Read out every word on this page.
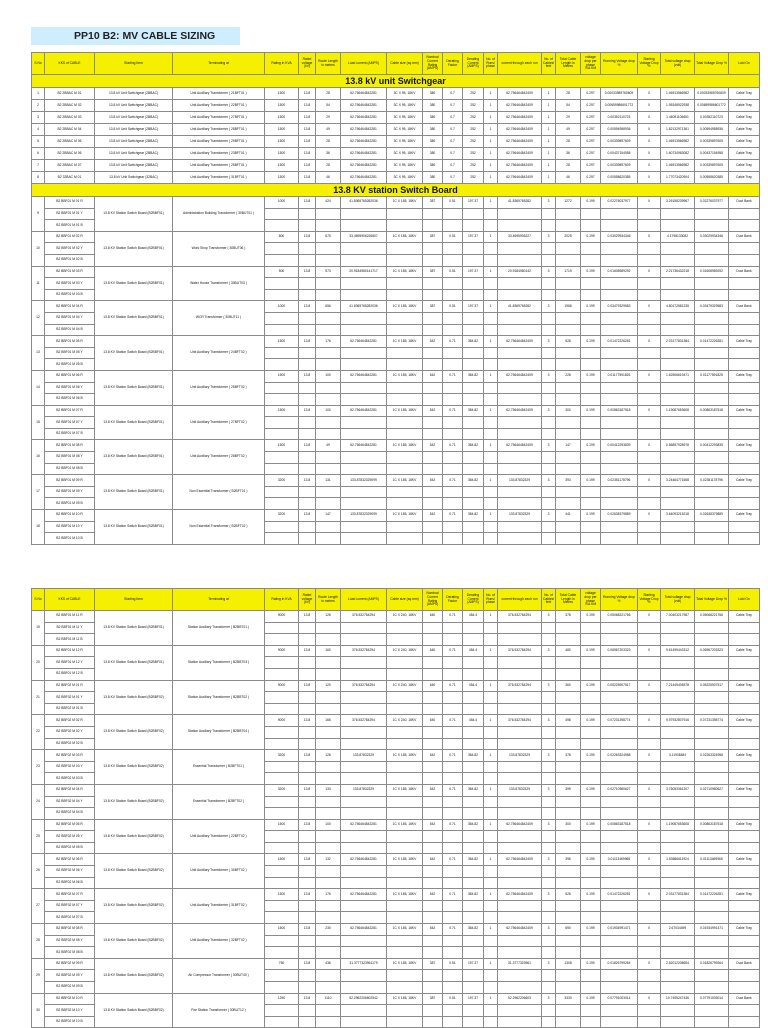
PP10 B2: MV CABLE SIZING
S.No	KKS of CABLE	Starting Item	Terminating at	Rating in KVA	Rated voltage (kV)	Route Length in metres	Load current (AMPS)	Cable size (sq.mm)	Nominal Current Rating (AMPS)	Derating Factor	Derating Current (AMPS)	No. of Runs/ phase	current through each run	No. of Cables/ feet	Total Cable Length in Metres	voltage drop per phase V/A.KM	Running Voltage drop %	Starting Voltage Drop %	Total voltage drop (volt)	Total Voltage Drop %	Laid On
13.8 kV unit Switchgear																					
1	B2 2BBAC M 01	13.8 kV Unit Switchgear (2BBAC)	Unit Auxiliary Transformer ( 21BFT01 )	1500	13.8	28	62.756464842281	3C X 95, 18KV	380	0.7	252	1	62.756464842409	1	28	0.297	0.00033989760609	0	1.46913566982	0.00033989760609	Cable Tray
2	B2 2BBAC M 02	13.8 kV Unit Switchgear (2BBAC)	Unit Auxiliary Transformer ( 22BFT01 )	1500	13.8	54	62.756464842281	3C X 95, 18KV	380	0.7	252	1	62.756464842409	1	54	0.297	0.00659986601772	0	1.95348922938	0.00659986601772	Cable Tray
3	B2 2BBAC M 03	13.8 kV Unit Switchgear (2BBAC)	Unit Auxiliary Transformer ( 27BFT01 )	1500	13.8	29	62.756464842281	3C X 95, 18KV	380	0.7	252	1	62.756464842409	1	29	0.297	0.00352110723	0	1.46091106651	0.00352110723	Cable Tray
4	B2 2BBAC M 04	13.8 kV Unit Switchgear (2BBAC)	Unit Auxiliary Transformer ( 28BFT01 )	1500	13.8	49	62.756464842281	3C X 95, 18KV	380	0.7	252	1	62.756464842409	1	49	0.297	0.00594958936	0	1.82132971361	0.00594958936	Cable Tray
5	B2 2BBAC M 05	13.8 kV Unit Switchgear (2BBAC)	Unit Auxiliary Transformer ( 29BFT01 )	1500	13.8	28	62.756464842281	3C X 95, 18KV	380	0.7	252	1	62.756464842409	1	28	0.297	0.00339897609	0	1.46913566982	0.00339897609	Cable Tray
6	B2 2BBAC M 06	13.8 kV Unit Switchgear (2BBAC)	Unit Auxiliary Transformer ( 23BFT01 )	1500	13.8	36	62.756464842281	3C X 95, 18KV	380	0.7	252	1	62.756464842409	1	36	0.297	0.00437154958	0	1.60734963082	0.00437154958	Cable Tray
7	B2 2BBAC M 07	13.8 kV Unit Switchgear (2BBAC)	Unit Auxiliary Transformer ( 25BFT01 )	1500	13.8	28	62.756464842281	3C X 95, 18KV	380	0.7	252	1	62.756464842409	1	28	0.297	0.00339897609	0	1.46913566982	0.00339897609	Cable Tray
8	B2 32BAC M 01	13.8 kV Unit Switchgear (32BAC)	Unit Auxiliary Transformer ( 31BFT01 )	1500	13.8	46	62.756464842281	3C X 95, 18KV	380	0.7	252	1	62.756464842409	1	46	0.297	0.00558620385	0	1.77073420904	0.00558620385	Cable Tray
13.8 KV station Switch Board																					
9	B2 BBF01 M 01 R	13.8 KV Station Switch Board (B2BBF01)	Administration Building Transformer ( 30BUT01 )	1000	13.8	424	41.8369765282036	1C X 185, 18KV	387	0.51	197.37	1	41.8369765282	3	1272	0.199	0.02276037977	0	3.26158239967	0.02276037977	Duct Bank
	B2 BBF01 M 01 Y																				
	B2 BBF01 M 01 B																				
10	B2 BBF01 M 02 R	13.8 KV Station Switch Board (B2BBF01)	Work Shop Transformer ( 30BUT06 )	800	13.8	675	33.4695906226807	1C X 185, 18KV	387	0.51	197.37	1	33.4695906227	3	2025	0.199	0.03029934346	0	4.1798133082	0.03029934346	Duct Bank
	B2 BBF01 M 02 Y																				
	B2 BBF01 M 02 B																				
11	B2 BBF01 M 03 R	13.8 KV Station Switch Board (B2BBF01)	Water House Transformer ( 30BUT03 )	500	13.8	573	20.9184980141717	1C X 185, 18KV	387	0.51	197.37	1	20.9184980142	3	1719	0.199	0.01608989292	0	2.21736432218	0.01608989292	Duct Bank
	B2 BBF01 M 03 Y																				
	B2 BBF01 M 03 B																				
12	B2 BBF01 M 04 R	13.8 KV Station Switch Board (B2BBF01)	WCR Transformer ( 30BUT11 )	1000	13.8	656	41.8369765282036	1C X 185, 18KV	387	0.51	197.37	1	41.8369765282	3	1968	0.199	0.03479329583	0	4.80172581235	0.03479329583	Duct Bank
	B2 BBF01 M 04 Y																				
	B2 BBF01 M 04 B																				
13	B2 BBF01 M 05 R	13.8 KV Station Switch Board (B2BBF01)	Unit Auxiliary Transformer ( 24BFT02 )	1500	13.8	176	62.756464842281	1C X 185, 18KV	542	0.71	384.82	1	62.756464842409	3	528	0.199	0.01472226281	0	2.03177831384	0.01472226281	Cable Tray
	B2 BBF01 M 05 Y																				
	B2 BBF01 M 05 B																				
14	B2 BBF01 M 06 R	13.8 KV Station Switch Board (B2BBF01)	Unit Auxiliary Transformer ( 25BFT02 )	1500	13.8	100	62.756464842281	1C X 185, 18KV	542	0.71	384.82	1	62.756464842409	3	228	0.199	0.01177591825	0	1.62506619471	0.01177591825	Cable Tray
	B2 BBF01 M 06 Y																				
	B2 BBF01 M 06 B																				
15	B2 BBF01 M 07 R	13.8 KV Station Switch Board (B2BBF01)	Unit Auxiliary Transformer ( 27BFT02 )	1500	13.8	100	62.756464842281	1C X 185, 18KV	542	0.71	384.82	1	62.756464842409	3	300	0.199	0.00863187518	0	1.19087653608	0.00863187518	Cable Tray
	B2 BBF01 M 07 Y																				
	B2 BBF01 M 07 B																				
16	B2 BBF01 M 08 R	13.8 KV Station Switch Board (B2BBF01)	Unit Auxiliary Transformer ( 28BFT02 )	1500	13.8	49	62.756464842281	1C X 185, 18KV	542	0.71	384.82	1	62.756464842409	3	147	0.199	0.00412293839	0	0.56897928978	0.00412293839	Cable Tray
	B2 BBF01 M 08 Y																				
	B2 BBF01 M 08 B																				
17	B2 BBF01 M 09 R	13.8 KV Station Switch Board (B2BBF01)	Non Essential Transformer ( B2BFT01 )	3200	13.8	131	133.87832329099	1C X 185, 18KV	542	0.71	384.82	1	133.87832329	3	393	0.199	0.02351178796	0	3.24464771658	0.02351178796	Cable Tray
	B2 BBF01 M 09 Y																				
	B2 BBF01 M 09 B																				
18	B2 BBF01 M 10 R	13.8 KV Station Switch Board (B2BBF01)	Non Essential Transformer ( B2BFT02 )	3200	13.8	147	133.87832329099	1C X 185, 18KV	542	0.71	384.82	1	133.87832329	3	441	0.199	0.02638379889	0	3.64093215218	0.02638379889	Cable Tray
	B2 BBF01 M 10 Y																				
	B2 BBF01 M 10 B																				
S.No	KKS of CABLE	Starting Item	Terminating at	Rating in KVA	Rated voltage (kV)	Route Length in metres	Load current (AMPS)	Cable size (sq.mm)	Nominal Current Rating (AMPS)	Derating Factor	Derating Current (AMPS)	No. of Runs/ phase	current through each run	No. of Cables/ feet	Total Cable Length in Metres	voltage drop per phase V/A.KM	Running Voltage drop %	Starting Voltage Drop %	Total voltage drop (volt)	Total Voltage Drop %	Laid On
19	B2 BBF01 M 11 R	13.8 KV Station Switch Board (B2BBF01)	Station Auxiliary Transformer ( B2BBT01 )	9000	13.8	126	376.532784294	1C X 240, 18KV	640	0.71	454.4	1	376.532784294	3	378	0.199	0.05068221766	0	7.00403217987	0.05068221766	Cable Tray
	B2 BBF01 M 11 Y																				
	B2 BBF01 M 11 B																				
20	B2 BBF01 M 12 R	13.8 KV Station Switch Board (B2BBF01)	Station Auxiliary Transformer ( B2BBT03 )	9000	13.8	160	376.532784294	1C X 240, 18KV	640	0.71	454.4	1	376.532784294	3	480	0.199	0.06967203323	0	9.61499443312	0.06967203323	Cable Tray
	B2 BBF01 M 12 Y																				
	B2 BBF01 M 12 B																				
21	B2 BBF02 M 01 R	13.8 KV Station Switch Board (B2BBF02)	Station Auxiliary Transformer ( B2BBT02 )	9000	13.8	120	376.532784294	1C X 240, 18KV	640	0.71	454.4	1	376.532784294	3	360	0.199	0.05225907517	0	7.21445405578	0.05225907517	Cable Tray
	B2 BBF02 M 01 Y																				
	B2 BBF02 M 01 B																				
22	B2 BBF02 M 02 R	13.8 KV Station Switch Board (B2BBF02)	Station Auxiliary Transformer ( B2BBT04 )	9000	13.8	166	376.532784294	1C X 240, 18KV	640	0.71	454.4	1	376.532784294	3	498	0.199	0.07231398774	0	9.97932807916	0.07231398774	Cable Tray
	B2 BBF02 M 02 Y																				
	B2 BBF02 M 02 B																				
23	B2 BBF02 M 03 R	13.8 KV Station Switch Board (B2BBF02)	Essential Transformer ( B2BFT01 )	3200	13.8	126	133.87832329	1C X 185, 18KV	542	0.71	384.82	1	133.87832329	3	378	0.199	0.02263324958	0	3.11938484	0.02263324958	Cable Tray
	B2 BBF02 M 03 Y																				
	B2 BBF02 M 03 B																				
24	B2 BBF02 M 04 R	13.8 KV Station Switch Board (B2BBF02)	Essential Transformer ( B2BFT02 )	3200	13.8	133	133.87832329	1C X 185, 18KV	542	0.71	384.82	1	133.87832329	3	399	0.199	0.02710980627	0	3.76053361207	0.02710980627	Cable Tray
	B2 BBF02 M 04 Y																				
	B2 BBF02 M 04 B																				
25	B2 BBF02 M 05 R	13.8 KV Station Switch Board (B2BBF02)	Unit Auxiliary Transformer ( 22BFT02 )	1500	13.8	100	62.756464842281	1C X 185, 18KV	542	0.71	384.82	1	62.756464842409	3	300	0.199	0.00863187518	0	1.19087653608	0.00863187518	Cable Tray
	B2 BBF02 M 05 Y																				
	B2 BBF02 M 05 B																				
26	B2 BBF02 M 06 R	13.8 KV Station Switch Board (B2BBF02)	Unit Auxiliary Transformer ( 30BFT02 )	1500	13.8	132	62.756464842281	1C X 185, 18KV	542	0.71	384.82	1	62.756464842409	3	396	0.199	0.01113469965	0	1.53686611924	0.01113469965	Cable Tray
	B2 BBF02 M 06 Y																				
	B2 BBF02 M 06 B																				
27	B2 BBF02 M 07 R	13.8 KV Station Switch Board (B2BBF02)	Unit Auxiliary Transformer ( 31BFT02 )	1500	13.8	176	62.756464842281	1C X 185, 18KV	542	0.71	384.82	1	62.756464842409	3	528	0.199	0.01472226281	0	2.03177831384	0.01472226281	Cable Tray
	B2 BBF02 M 07 Y																				
	B2 BBF02 M 07 B																				
28	B2 BBF02 M 08 R	13.8 KV Station Switch Board (B2BBF02)	Unit Auxiliary Transformer ( 32BFT02 )	1500	13.8	230	62.756464842281	1C X 185, 18KV	542	0.71	384.82	1	62.756464842409	3	690	0.199	0.01934991471	0	2.67034499	0.01934991471	Cable Tray
	B2 BBF02 M 08 Y																				
	B2 BBF02 M 08 B																				
29	B2 BBF02 M 09 R	13.8 KV Station Switch Board (B2BBF02)	Air Compressor Transformer ( 30BUT40 )	750	13.8	436	31.3777323961179	1C X 185, 18KV	387	0.51	197.37	1	31.3777323961	3	1308	0.199	0.01826799264	0	2.52012208654	0.01826799264	Duct Bank
	B2 BBF02 M 09 Y																				
	B2 BBF02 M 09 B																				
30	B2 BBF02 M 10 R	13.8 KV Station Switch Board (B2BBF02)	Fire Station Transformer ( 30BUT12 )	1250	13.8	1110	52.2962206602542	1C X 185, 18KV	387	0.51	197.37	1	52.2962206603	3	3330	0.199	0.07791003014	0	10.7495247436	0.07791003014	Duct Bank
	B2 BBF02 M 10 Y																				
	B2 BBF02 M 10 B																				
